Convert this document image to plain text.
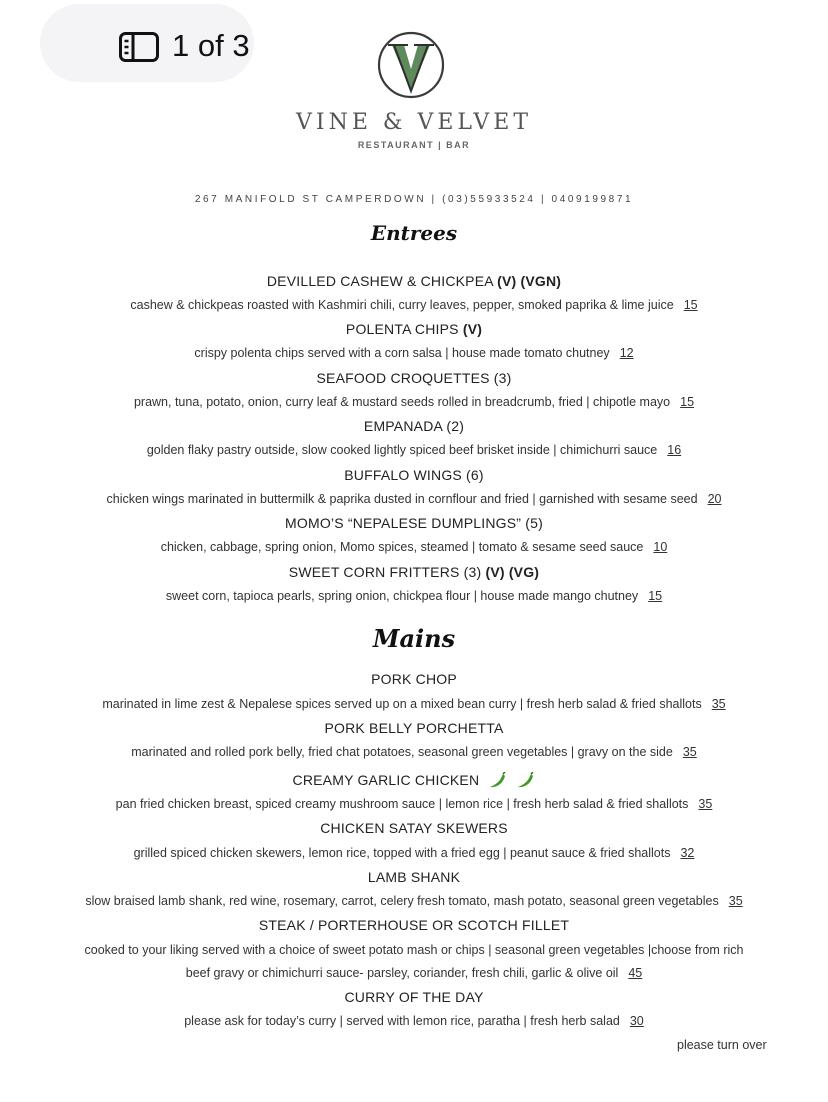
1 of 3
VINE & VELVET
RESTAURANT | BAR
267 MANIFOLD ST CAMPERDOWN | (03)55933524 | 0409199871
Entrees
DEVILLED CASHEW & CHICKPEA (V) (VGN)
cashew & chickpeas roasted with Kashmiri chili, curry leaves, pepper, smoked paprika & lime juice 15
POLENTA CHIPS (V)
crispy polenta chips served with a corn salsa | house made tomato chutney 12
SEAFOOD CROQUETTES (3)
prawn, tuna, potato, onion, curry leaf & mustard seeds rolled in breadcrumb, fried | chipotle mayo 15
EMPANADA (2)
golden flaky pastry outside, slow cooked lightly spiced beef brisket inside | chimichurri sauce 16
BUFFALO WINGS (6)
chicken wings marinated in buttermilk & paprika dusted in cornflour and fried | garnished with sesame seed 20
MOMO’S “NEPALESE DUMPLINGS” (5)
chicken, cabbage, spring onion, Momo spices, steamed | tomato & sesame seed sauce 10
SWEET CORN FRITTERS (3) (V) (VG)
sweet corn, tapioca pearls, spring onion, chickpea flour | house made mango chutney 15
Mains
PORK CHOP
marinated in lime zest & Nepalese spices served up on a mixed bean curry | fresh herb salad & fried shallots 35
PORK BELLY PORCHETTA
marinated and rolled pork belly, fried chat potatoes, seasonal green vegetables | gravy on the side 35
CREAMY GARLIC CHICKEN
pan fried chicken breast, spiced creamy mushroom sauce | lemon rice | fresh herb salad & fried shallots 35
CHICKEN SATAY SKEWERS
grilled spiced chicken skewers, lemon rice, topped with a fried egg | peanut sauce & fried shallots 32
LAMB SHANK
slow braised lamb shank, red wine, rosemary, carrot, celery fresh tomato, mash potato, seasonal green vegetables 35
STEAK / PORTERHOUSE OR SCOTCH FILLET
cooked to your liking served with a choice of sweet potato mash or chips | seasonal green vegetables |choose from rich
beef gravy or chimichurri sauce- parsley, coriander, fresh chili, garlic & olive oil 45
CURRY OF THE DAY
please ask for today’s curry | served with lemon rice, paratha | fresh herb salad 30
please turn over
